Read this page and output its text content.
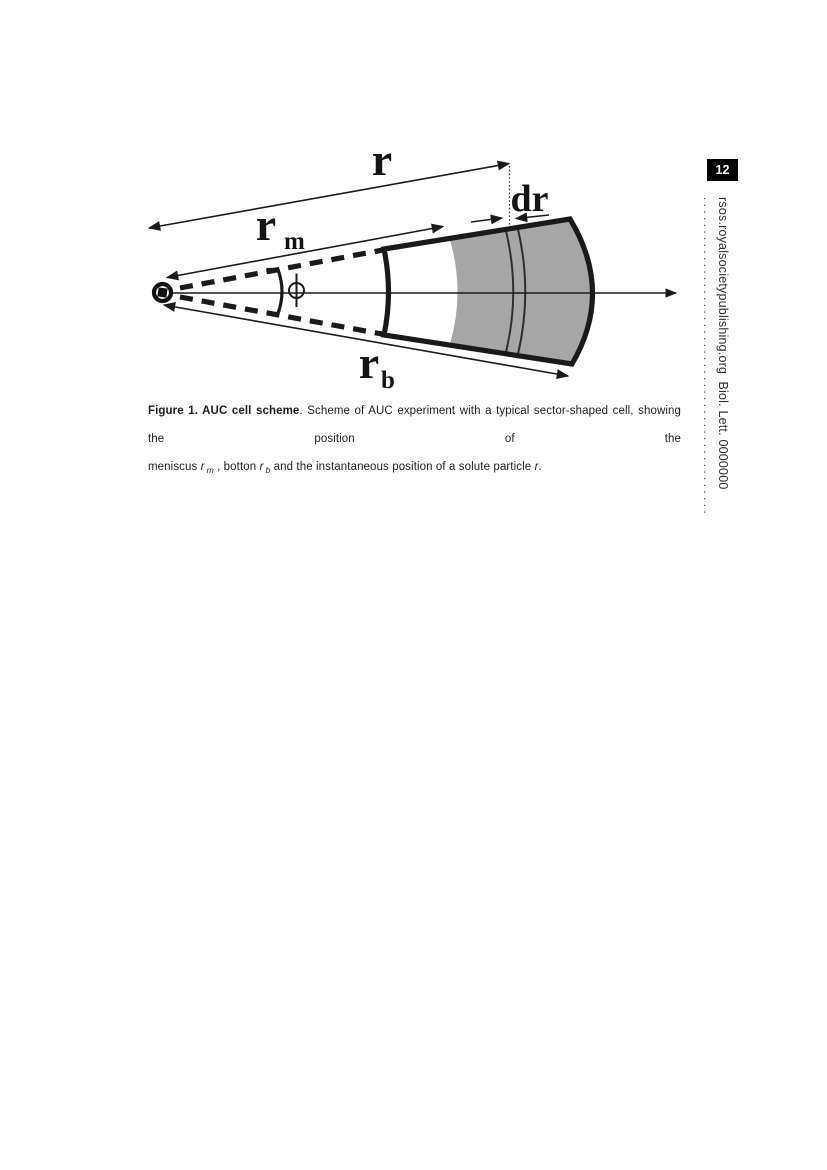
r
r m
r b
dr
Figure 1. AUC cell scheme. Scheme of AUC experiment with a typical sector-shaped cell, showing the position of the
meniscus r $_m$ , botton r $_b$ and the instantaneous position of a solute particle r.
12
rsos.royalsocietypublishing.org  Biol. Lett. 0000000
. . . . . . . . . . . . . . . . . . . . . . . . . . . . . . . . . . . . . . . . . . . . . . . .
